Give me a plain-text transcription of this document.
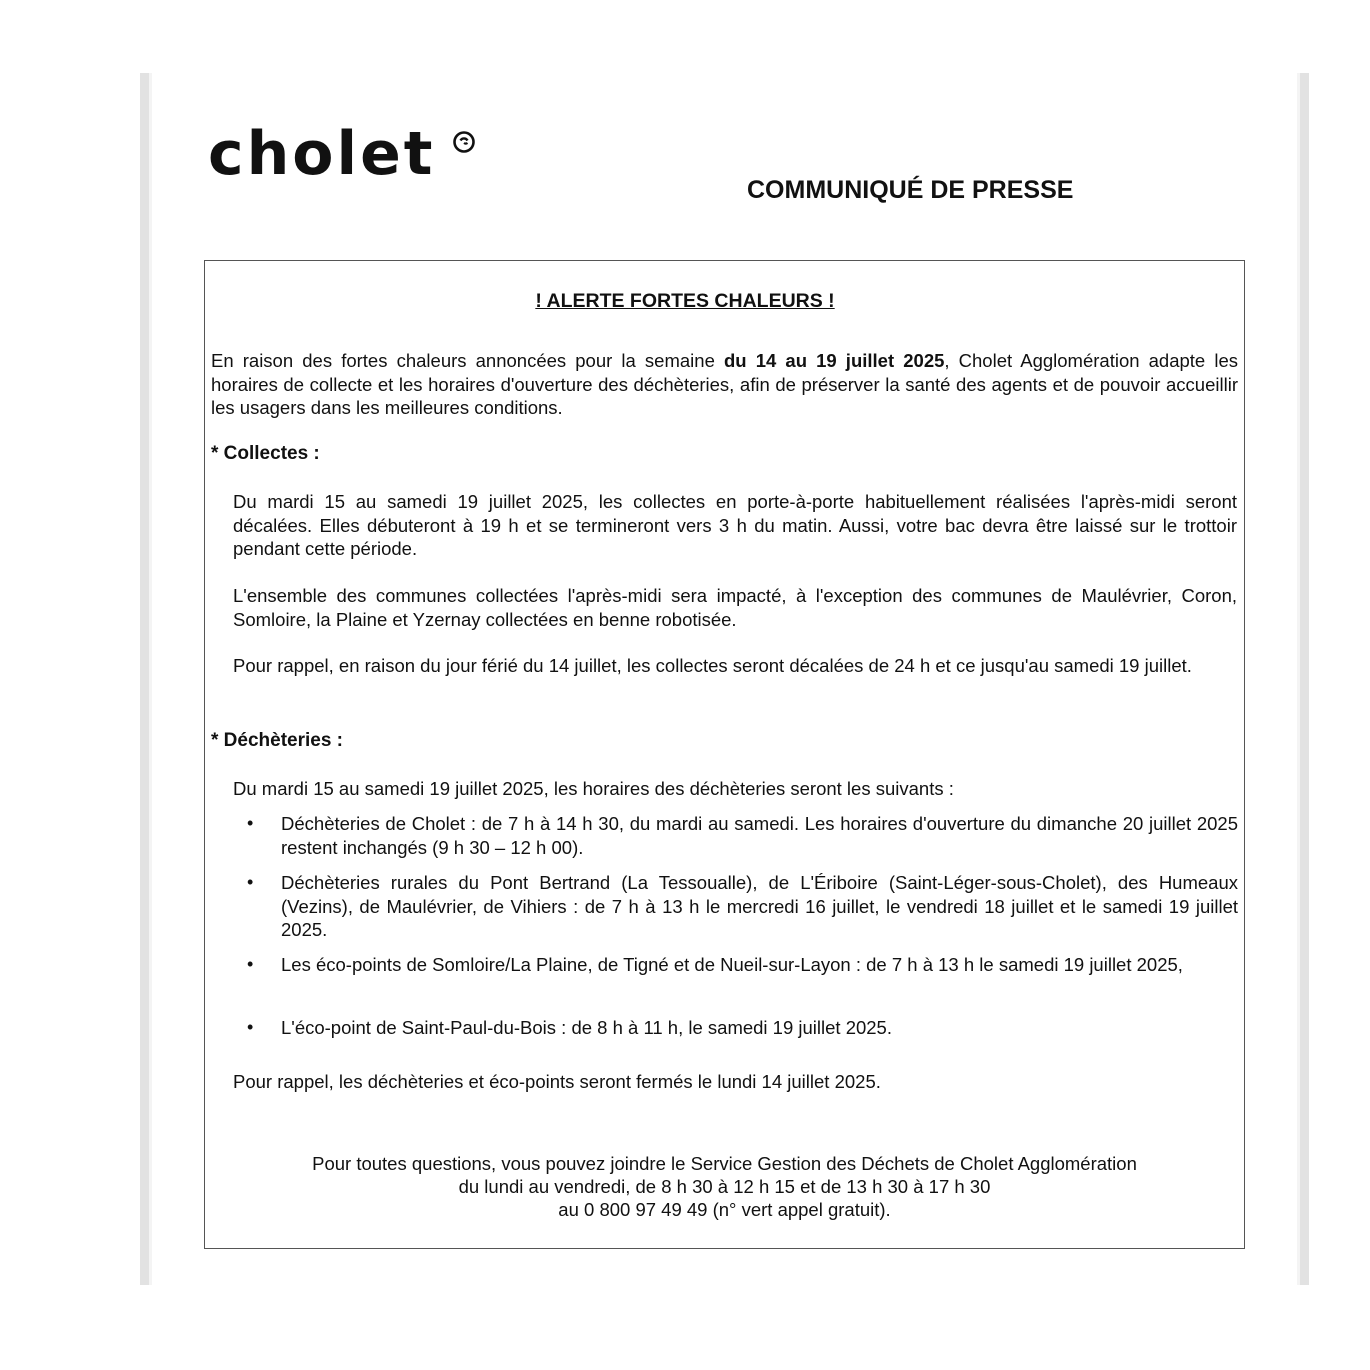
cholet
COMMUNIQUÉ DE PRESSE
! ALERTE FORTES CHALEURS !

En raison des fortes chaleurs annoncées pour la semaine du 14 au 19 juillet 2025, Cholet Agglomération adapte les horaires de collecte et les horaires d'ouverture des déchèteries, afin de préserver la santé des agents et de pouvoir accueillir les usagers dans les meilleures conditions.

* Collectes :

Du mardi 15 au samedi 19 juillet 2025, les collectes en porte-à-porte habituellement réalisées l'après-midi seront décalées. Elles débuteront à 19 h et se termineront vers 3 h du matin. Aussi, votre bac devra être laissé sur le trottoir pendant cette période.

L'ensemble des communes collectées l'après-midi sera impacté, à l'exception des communes de Maulévrier, Coron, Somloire, la Plaine et Yzernay collectées en benne robotisée.

Pour rappel, en raison du jour férié du 14 juillet, les collectes seront décalées de 24 h et ce jusqu'au samedi 19 juillet.

* Déchèteries :

Du mardi 15 au samedi 19 juillet 2025, les horaires des déchèteries seront les suivants :

• Déchèteries de Cholet : de 7 h à 14 h 30, du mardi au samedi. Les horaires d'ouverture du dimanche 20 juillet 2025 restent inchangés (9 h 30 – 12 h 00).

• Déchèteries rurales du Pont Bertrand (La Tessoualle), de L'Ériboire (Saint-Léger-sous-Cholet), des Humeaux (Vezins), de Maulévrier, de Vihiers : de 7 h à 13 h le mercredi 16 juillet, le vendredi 18 juillet et le samedi 19 juillet 2025.

• Les éco-points de Somloire/La Plaine, de Tigné et de Nueil-sur-Layon : de 7 h à 13 h le samedi 19 juillet 2025,

• L'éco-point de Saint-Paul-du-Bois : de 8 h à 11 h, le samedi 19 juillet 2025.

Pour rappel, les déchèteries et éco-points seront fermés le lundi 14 juillet 2025.

Pour toutes questions, vous pouvez joindre le Service Gestion des Déchets de Cholet Agglomération
du lundi au vendredi, de 8 h 30 à 12 h 15 et de 13 h 30 à 17 h 30
au 0 800 97 49 49 (n° vert appel gratuit).
